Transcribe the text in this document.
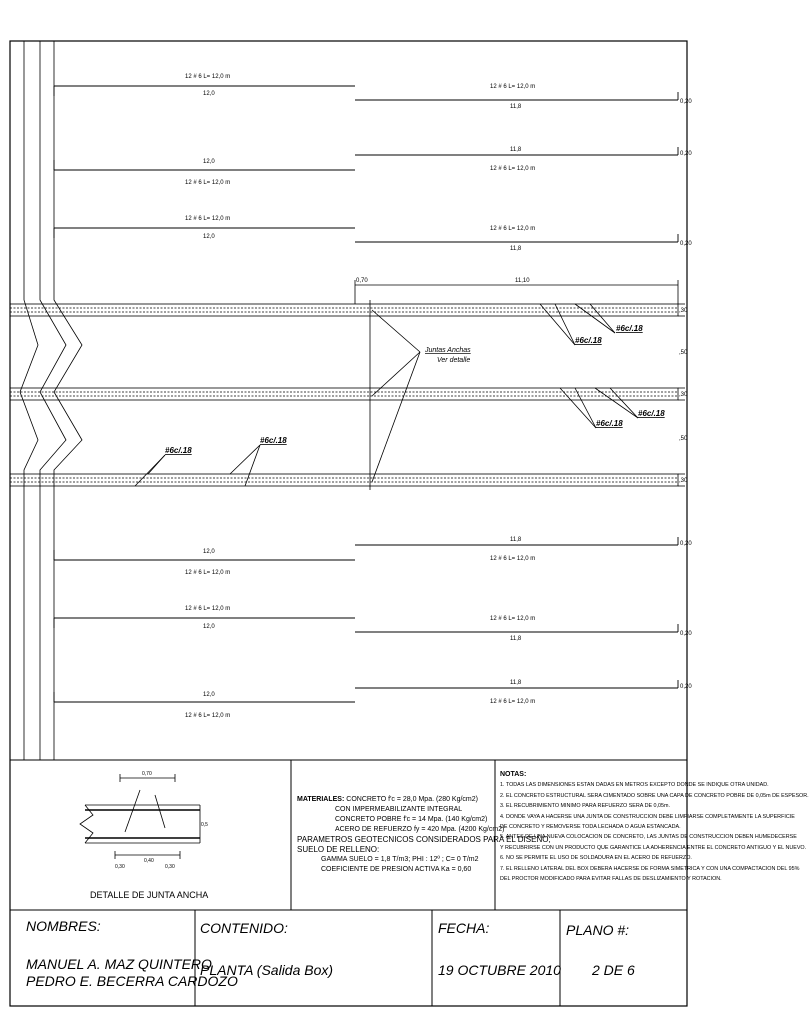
12 # 6 L= 12,0 m
12,0
12 # 6 L= 12,0 m
11,8
0,20
11,8
12 # 6 L= 12,0 m
0,20
12,0
12 # 6 L= 12,0 m
12 # 6 L= 12,0 m
12,0
12 # 6 L= 12,0 m
11,8
0,20
0,70	11,10
,30
,50
,30
,50
,30
#6c/.18
#6c/.18
#6c/.18
#6c/.18
#6c/.18
#6c/.18
Juntas Anchas
Ver detalle
11,8
12 # 6 L= 12,0 m
0,20
12,0
12 # 6 L= 12,0 m
12 # 6 L= 12,0 m
12,0
12 # 6 L= 12,0 m
11,8
0,20
11,8
12 # 6 L= 12,0 m
0,20
12,0
12 # 6 L= 12,0 m
0,70
0,40
0,30	0,30
0,5
DETALLE DE JUNTA ANCHA
MATERIALES: CONCRETO f'c = 28,0 Mpa. (280 Kg/cm2)
CON IMPERMEABILIZANTE INTEGRAL
CONCRETO POBRE f'c = 14 Mpa. (140 Kg/cm2)
ACERO DE REFUERZO fy = 420 Mpa. (4200 Kg/cm2)
PARAMETROS GEOTECNICOS CONSIDERADOS PARA EL DISEÑO,
SUELO DE RELLENO:
GAMMA SUELO = 1,8 T/m3; PHI : 12º ; C= 0 T/m2
COEFICIENTE DE PRESION ACTIVA Ka = 0,60
NOTAS:
1. TODAS LAS DIMENSIONES ESTAN DADAS EN METROS EXCEPTO DONDE SE INDIQUE OTRA UNIDAD.
2. EL CONCRETO ESTRUCTURAL SERA CIMENTADO SOBRE UNA CAPA DE CONCRETO POBRE DE 0,05m DE ESPESOR.
3. EL RECUBRIMIENTO MINIMO PARA REFUERZO SERA DE 0,05m.
4. DONDE VAYA A HACERSE UNA JUNTA DE CONSTRUCCION DEBE LIMPIARSE COMPLETAMENTE LA SUPERFICIE
DE CONCRETO Y REMOVERSE TODA LECHADA O AGUA ESTANCADA.
5. ANTES DE UNA NUEVA COLOCACION DE CONCRETO, LAS JUNTAS DE CONSTRUCCION DEBEN HUMEDECERSE
Y RECUBRIRSE CON UN PRODUCTO QUE GARANTICE LA ADHERENCIA ENTRE EL CONCRETO ANTIGUO Y EL NUEVO.
6. NO SE PERMITE EL USO DE SOLDADURA EN EL ACERO DE REFUERZO.
7. EL RELLENO LATERAL DEL BOX DEBERA HACERSE DE FORMA SIMETRICA Y CON UNA COMPACTACION DEL 95%
DEL PROCTOR MODIFICADO PARA EVITAR FALLAS DE DESLIZAMIENTO Y ROTACION.
NOMBRES:
MANUEL A. MAZ QUINTERO
PEDRO E. BECERRA CARDOZO
CONTENIDO:
PLANTA (Salida Box)
FECHA:
19 OCTUBRE 2010
PLANO #:
2 DE 6
